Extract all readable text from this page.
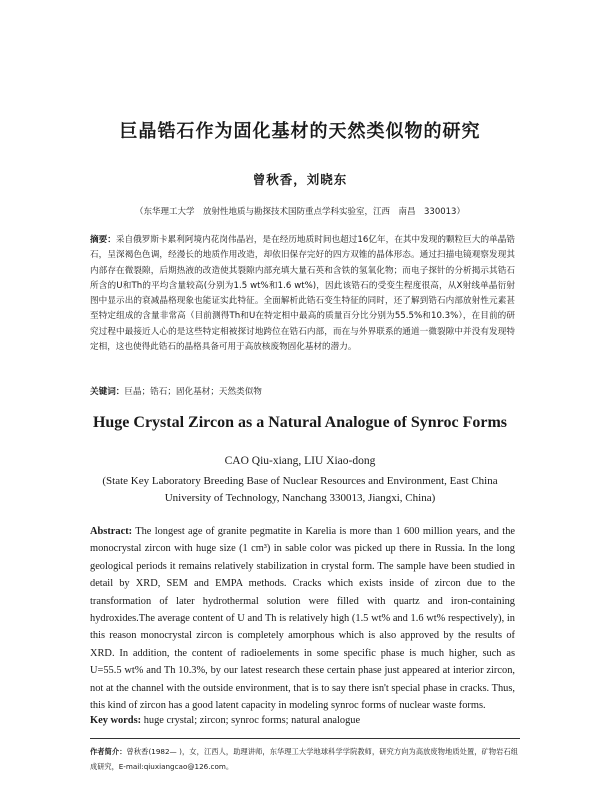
巨晶锆石作为固化基材的天然类似物的研究
曾秋香，刘晓东
（东华理工大学　放射性地质与勘探技术国防重点学科实验室，江西　南昌　330013）
摘要：采自俄罗斯卡累利阿境内花岗伟晶岩，是在经历地质时间也超过16亿年，在其中发现的颗粒巨大的单晶锆石，呈深褐色色调，经漫长的地质作用改造，却依旧保存完好的四方双锥的晶体形态。通过扫描电镜观察发现其内部存在微裂隙，后期热液的改造使其裂隙内部充填大量石英和含铁的氢氧化物；而电子探针的分析揭示其锆石所含的U和Th的平均含量较高(分别为1.5 wt%和1.6 wt%)，因此该锆石的受变生程度很高，从X射线单晶衍射图中显示出的衰减晶格现象也能证实此特征。全面解析此锆石变生特征的同时，还了解到锆石内部放射性元素甚至特定组成的含量非常高（目前测得Th和U在特定相中最高的质量百分比分别为55.5%和10.3%），在目前的研究过程中最接近人心的是这些特定相被探讨地跨位在锆石内部，而在与外界联系的通道一微裂隙中并没有发现特定相，这也使得此锆石的晶格具备可用于高放核废物固化基材的潜力。
关键词：巨晶；锆石；固化基材；天然类似物
Huge Crystal Zircon as a Natural Analogue of Synroc Forms
CAO Qiu-xiang, LIU Xiao-dong
(State Key Laboratory Breeding Base of Nuclear Resources and Environment, East China
University of Technology, Nanchang 330013, Jiangxi, China)
Abstract: The longest age of granite pegmatite in Karelia is more than 1 600 million years, and the monocrystal zircon with huge size (1 cm³) in sable color was picked up there in Russia. In the long geological periods it remains relatively stabilization in crystal form. The sample have been studied in detail by XRD, SEM and EMPA methods. Cracks which exists inside of zircon due to the transformation of later hydrothermal solution were filled with quartz and iron-containing hydroxides.The average content of U and Th is relatively high (1.5 wt% and 1.6 wt% respectively), in this reason monocrystal zircon is completely amorphous which is also approved by the results of XRD. In addition, the content of radioelements in some specific phase is much higher, such as U=55.5 wt% and Th 10.3%, by our latest research these certain phase just appeared at interior zircon, not at the channel with the outside environment, that is to say there isn't special phase in cracks. Thus, this kind of zircon has a good latent capacity in modeling synroc forms of nuclear waste forms.
Key words: huge crystal; zircon; synroc forms; natural analogue
作者简介：曾秋香(1982— )，女，江西人，助理讲师，东华理工大学地球科学学院教师，研究方向为高放废物地质处置，矿物岩石组成研究，E-mail:qiuxiangcao@126.com。
